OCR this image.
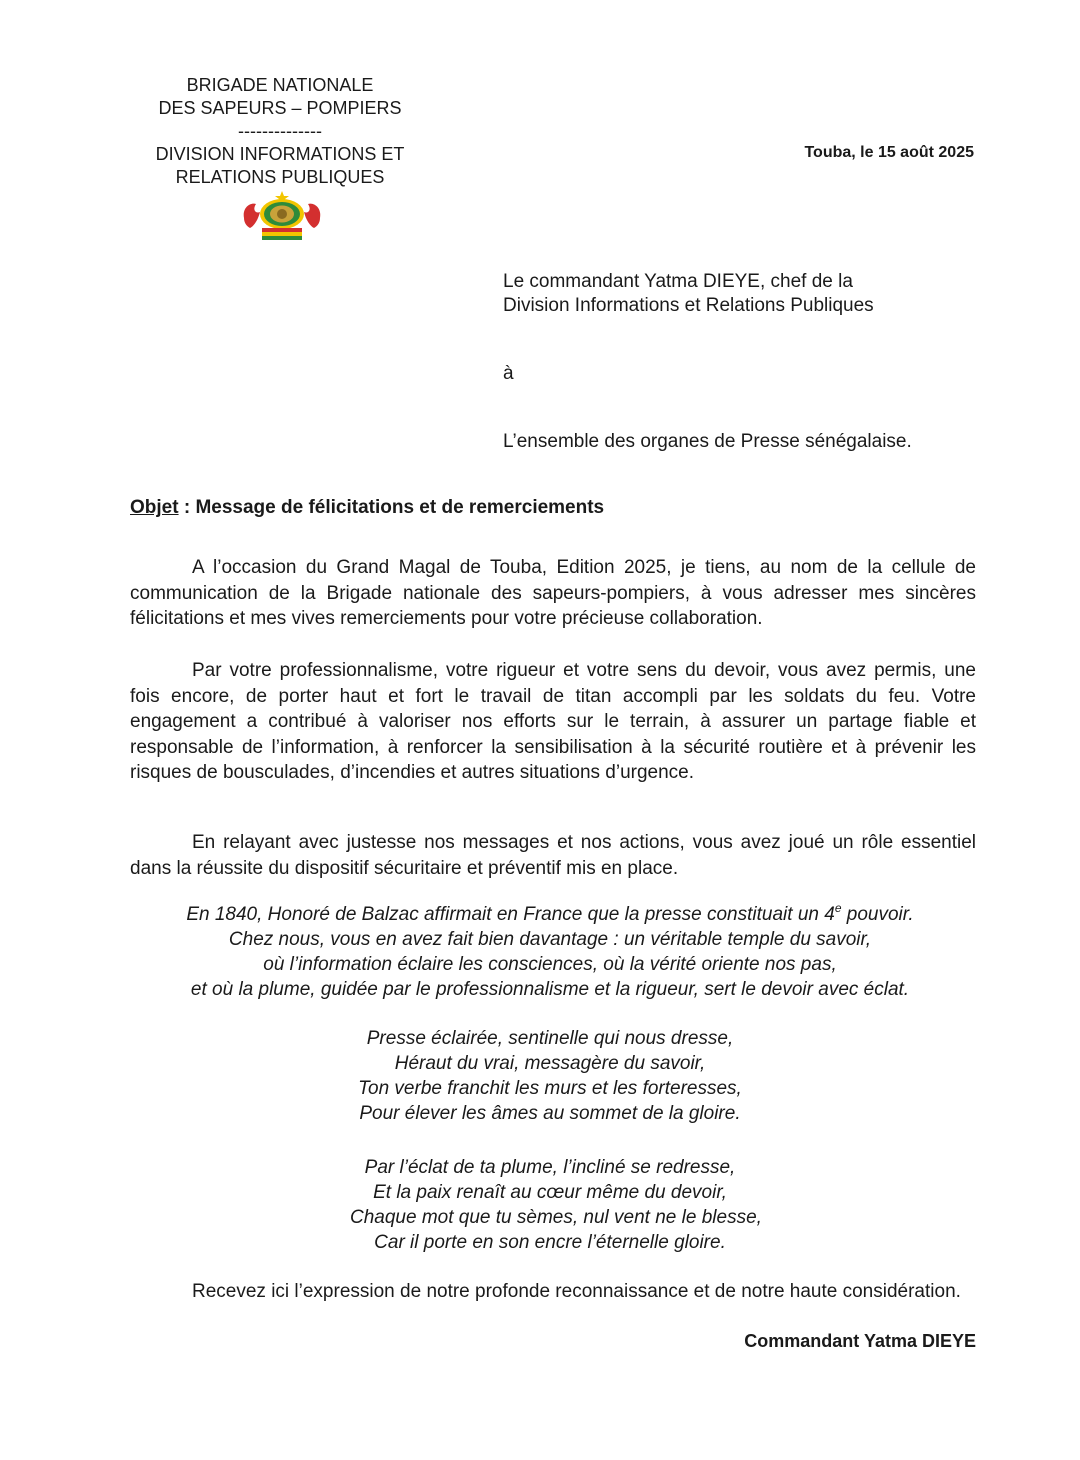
BRIGADE NATIONALE
DES SAPEURS – POMPIERS
--------------
DIVISION INFORMATIONS ET
RELATIONS PUBLIQUES
Touba, le 15 août 2025
Le commandant Yatma DIEYE, chef de la
Division Informations et Relations Publiques
à
L’ensemble des organes de Presse sénégalaise.
Objet : Message de félicitations et de remerciements
A l’occasion du Grand Magal de Touba, Edition 2025, je tiens, au nom de la cellule de communication de la Brigade nationale des sapeurs-pompiers, à vous adresser mes sincères félicitations et mes vives remerciements pour votre précieuse collaboration.
Par votre professionnalisme, votre rigueur et votre sens du devoir, vous avez permis, une fois encore, de porter haut et fort le travail de titan accompli par les soldats du feu. Votre engagement a contribué à valoriser nos efforts sur le terrain, à assurer un partage fiable et responsable de l’information, à renforcer la sensibilisation à la sécurité routière et à prévenir les risques de bousculades, d’incendies et autres situations d’urgence.
En relayant avec justesse nos messages et nos actions, vous avez joué un rôle essentiel dans la réussite du dispositif sécuritaire et préventif mis en place.
En 1840, Honoré de Balzac affirmait en France que la presse constituait un 4e pouvoir.
Chez nous, vous en avez fait bien davantage : un véritable temple du savoir,
où l’information éclaire les consciences, où la vérité oriente nos pas,
et où la plume, guidée par le professionnalisme et la rigueur, sert le devoir avec éclat.
Presse éclairée, sentinelle qui nous dresse,
Héraut du vrai, messagère du savoir,
Ton verbe franchit les murs et les forteresses,
Pour élever les âmes au sommet de la gloire.
Par l’éclat de ta plume, l’incliné se redresse,
Et la paix renaît au cœur même du devoir,
Chaque mot que tu sèmes, nul vent ne le blesse,
Car il porte en son encre l’éternelle gloire.
Recevez ici l’expression de notre profonde reconnaissance et de notre haute considération.
Commandant Yatma DIEYE
